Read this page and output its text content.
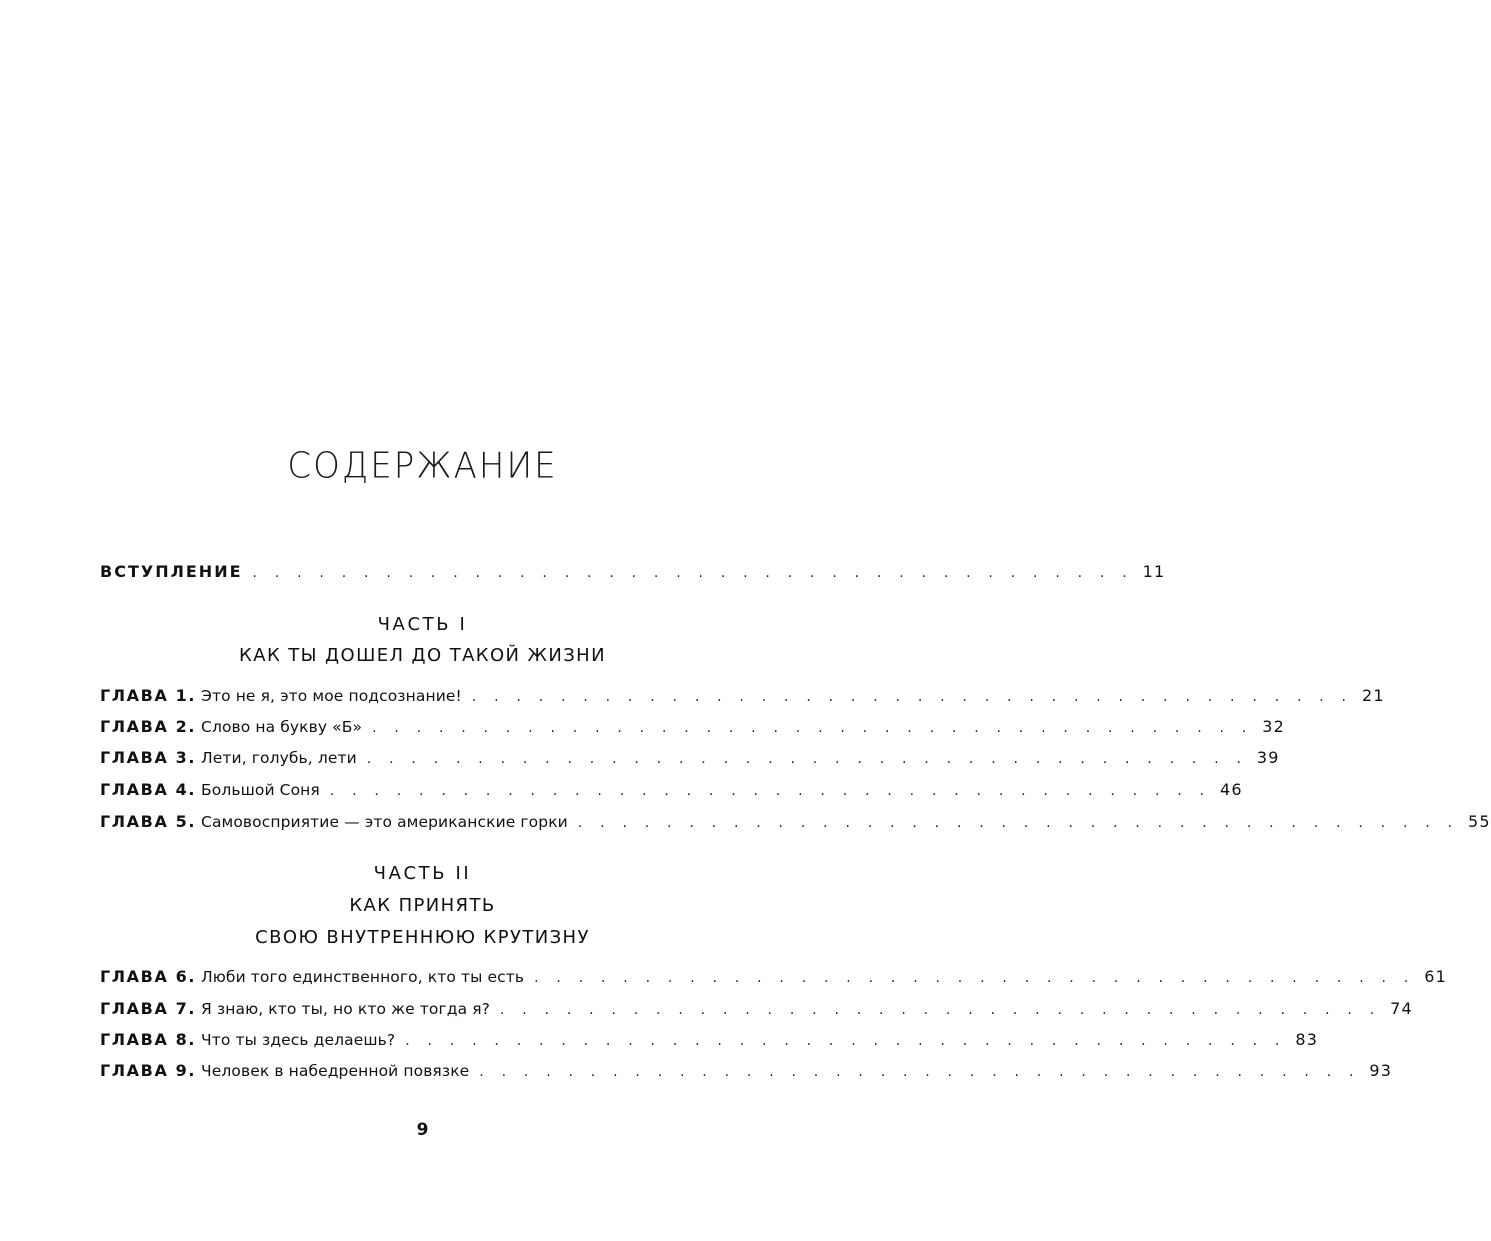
СОДЕРЖАНИЕ
ВСТУПЛЕНИЕ . . . . . . . . . . . . . . . . . . . . . . . . . . . . . . . . . . . . . . . . 11
ЧАСТЬ I
КАК ТЫ ДОШЕЛ ДО ТАКОЙ ЖИЗНИ
ГЛАВА 1. Это не я, это мое подсознание! . . . . . . . . . . . . . . . . . . . . . . . . . . . . . . . . . . . . . . . . 21
ГЛАВА 2. Слово на букву «Б» . . . . . . . . . . . . . . . . . . . . . . . . . . . . . . . . . . . . . . . . 32
ГЛАВА 3. Лети, голубь, лети . . . . . . . . . . . . . . . . . . . . . . . . . . . . . . . . . . . . . . . . 39
ГЛАВА 4. Большой Соня . . . . . . . . . . . . . . . . . . . . . . . . . . . . . . . . . . . . . . . . 46
ГЛАВА 5. Самовосприятие — это американские горки . . . . . . . . . . . . . . . . . . . . . . . . . . . . . . . . . . . . . . . . 55
ЧАСТЬ II
КАК ПРИНЯТЬ
СВОЮ ВНУТРЕННЮЮ КРУТИЗНУ
ГЛАВА 6. Люби того единственного, кто ты есть . . . . . . . . . . . . . . . . . . . . . . . . . . . . . . . . . . . . . . . . 61
ГЛАВА 7. Я знаю, кто ты, но кто же тогда я? . . . . . . . . . . . . . . . . . . . . . . . . . . . . . . . . . . . . . . . . 74
ГЛАВА 8. Что ты здесь делаешь? . . . . . . . . . . . . . . . . . . . . . . . . . . . . . . . . . . . . . . . . 83
ГЛАВА 9. Человек в набедренной повязке . . . . . . . . . . . . . . . . . . . . . . . . . . . . . . . . . . . . . . . . 93
9
